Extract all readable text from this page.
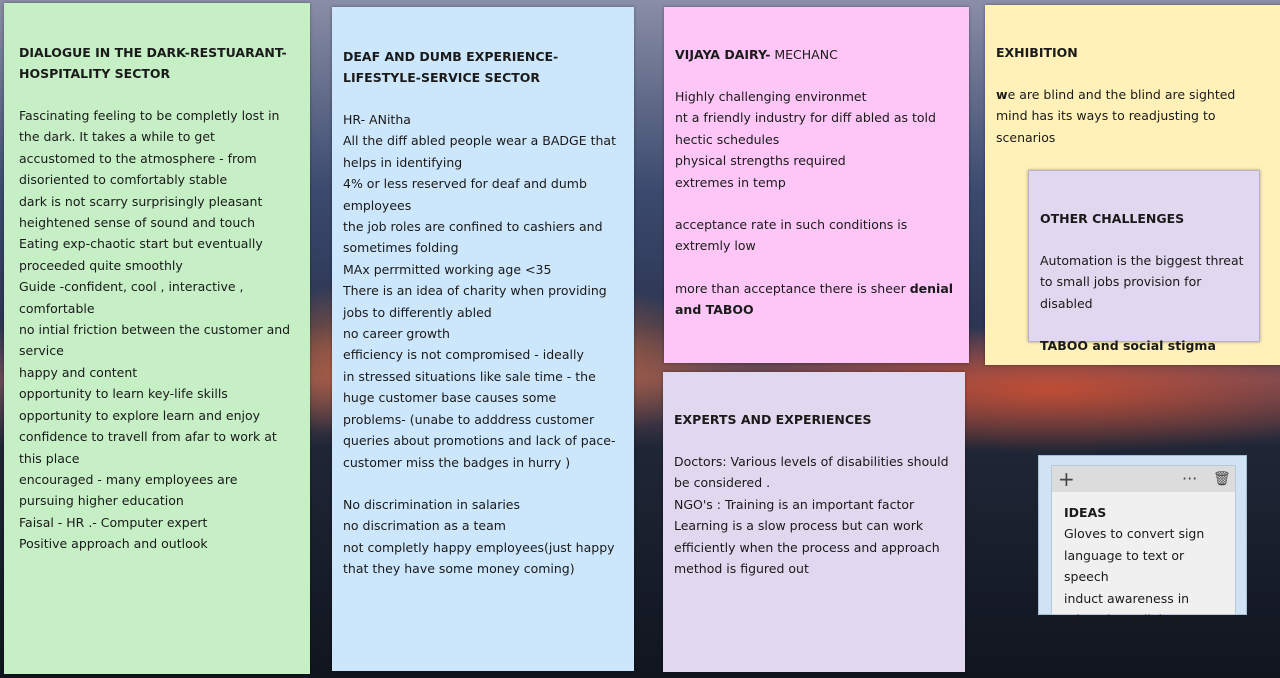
DIALOGUE IN THE DARK-RESTUARANT-HOSPITALITY SECTOR
Fascinating feeling to be completly lost in the dark. It takes a while to get accustomed to the atmosphere - from disoriented to comfortably stable
dark is not scarry surprisingly pleasant
heightened sense of sound and touch
Eating exp-chaotic start but eventually proceeded quite smoothly
Guide -confident, cool , interactive , comfortable
no intial friction between the customer and service
happy and content
opportunity to learn key-life skills
opportunity to explore learn and enjoy
confidence to travell from afar to work at this place
encouraged - many employees are pursuing higher education
Faisal - HR .- Computer expert
Positive approach and outlook
DEAF AND DUMB EXPERIENCE- LIFESTYLE-SERVICE SECTOR
HR- ANitha
All the diff abled people wear a BADGE that helps in identifying
4% or less reserved for deaf and dumb employees
the job roles are confined to cashiers and sometimes folding
MAx perrmitted working age <35
There is an idea of charity when providing jobs to differently abled
no career growth
efficiency is not compromised - ideally
in stressed situations like sale time - the huge customer base causes some problems- (unabe to adddress customer queries about promotions and lack of pace- customer miss the badges in hurry )
No discrimination in salaries
no discrimation as a team
not completly happy employees(just happy that they have some money coming)
VIJAYA DAIRY- MECHANC
Highly challenging environmet
nt a friendly industry for diff abled as told
hectic schedules
physical strengths required
extremes in temp
acceptance rate in such conditions is extremly low
more than acceptance there is sheer denial and TABOO
EXHIBITION
we are blind and the blind are sighted
mind has its ways to readjusting to scenarios
OTHER CHALLENGES
Automation is the biggest threat to small jobs provision for disabled
TABOO and social stigma
EXPERTS AND EXPERIENCES
Doctors: Various levels of disabilities should be considered .
NGO's : Training is an important factor
Learning is a slow process but can work efficiently when the process and approach method is figured out
+	··· 🗑
IDEAS
Gloves to convert sign language to text or speech
induct awareness in education syllabus
